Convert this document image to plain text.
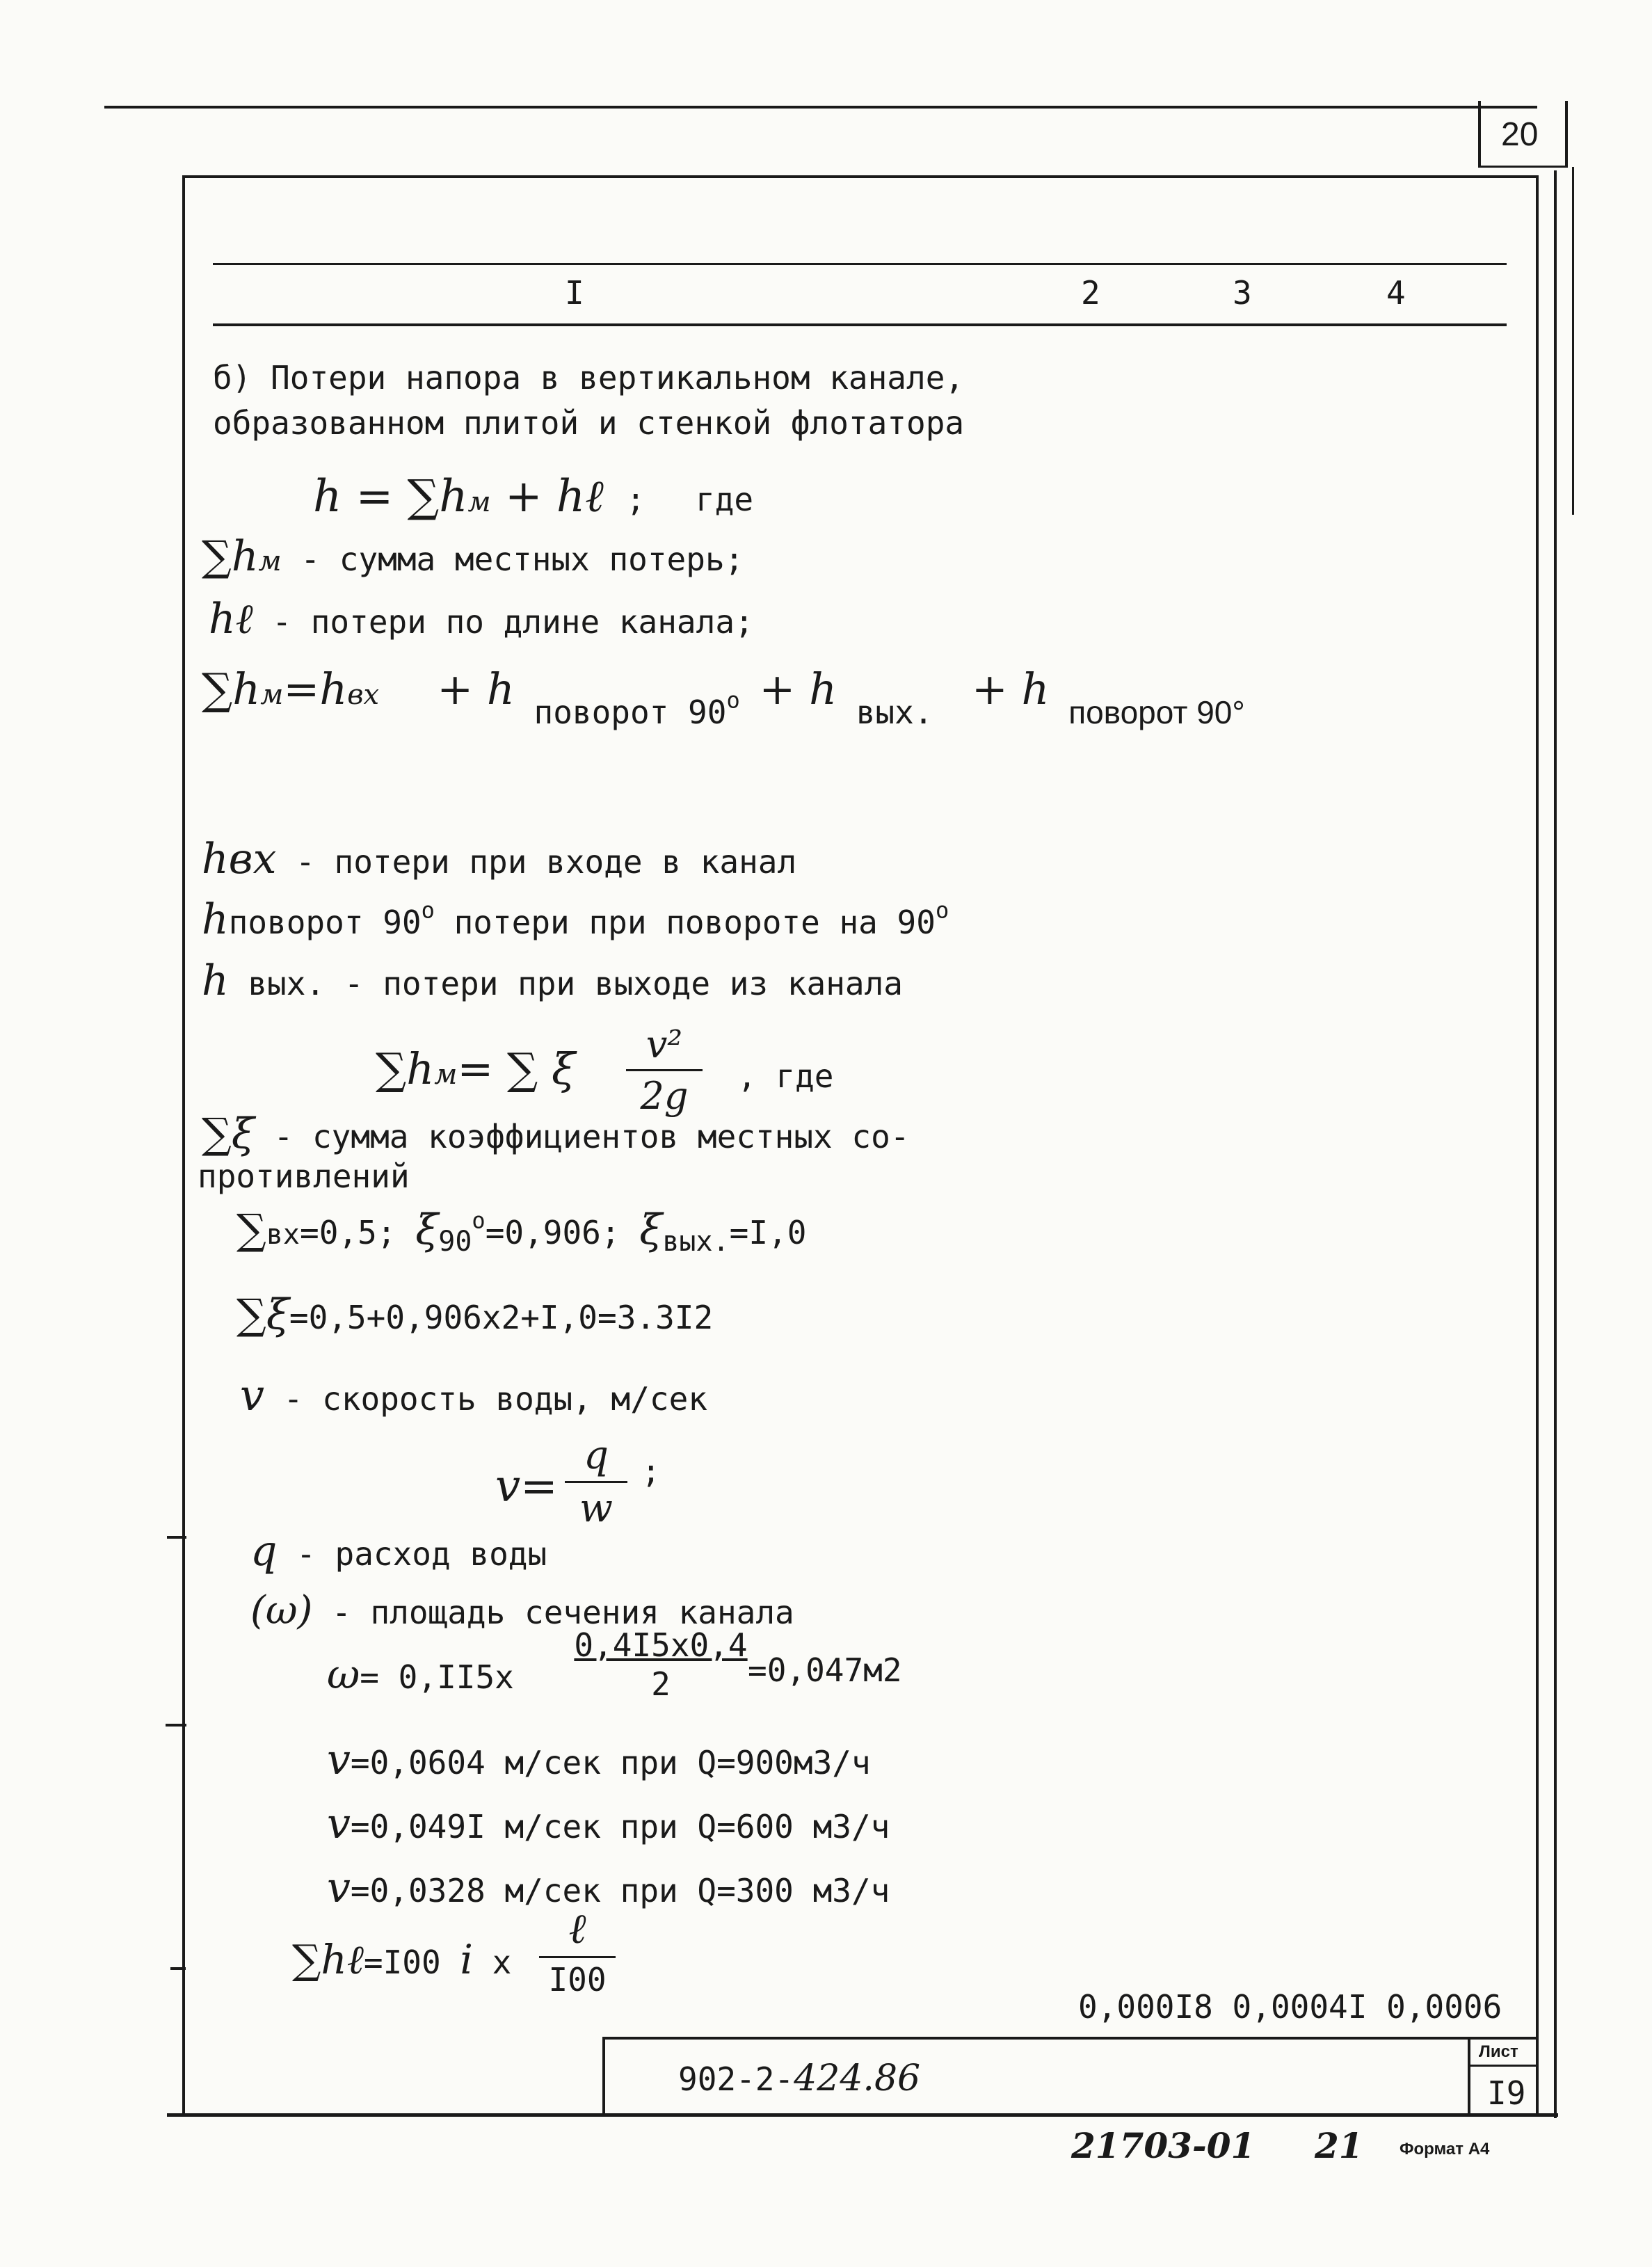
20
I	2	3	4
б) Потери напора в вертикальном канале,
образованном плитой и стенкой флотатора
h = ∑hм + hℓ ; где
∑hм - сумма местных потерь;
hℓ - потери по длине канала;
∑hм=hвх + h поворот $90^o + h$ вых. + h поворот 90°
hвх - потери при входе в канал
hповорот 90$^o$ потери при повороте на 90$^o$
h вых. - потери при выходе из канала
∑hм= ∑ ξ	v²
2g	, где
∑ξ - сумма коэффициентов местных со-
противлений
∑вх=0,5; $\xi 90^o=0,906$; ξвых.=I,0
∑ξ=0,5+0,906x2+I,0=3.3I2
v - скорость воды, м/сек
v=
q
w
;
q - расход воды
(ω) - площадь сечения канала
$\omega= 0,II5x \frac{0,4I5x0,4}{2} =0,047м2$
v=0,0604 м/сек при Q=900м3/ч
v=0,049I м/сек при Q=600 м3/ч
v=0,0328 м/сек при Q=300 м3/ч
∑hℓ=I00 i x
ℓ
I00
0,000I8 0,0004I 0,0006
902-2-424.86
Лист
I9
21703-01 21 Формат А4
